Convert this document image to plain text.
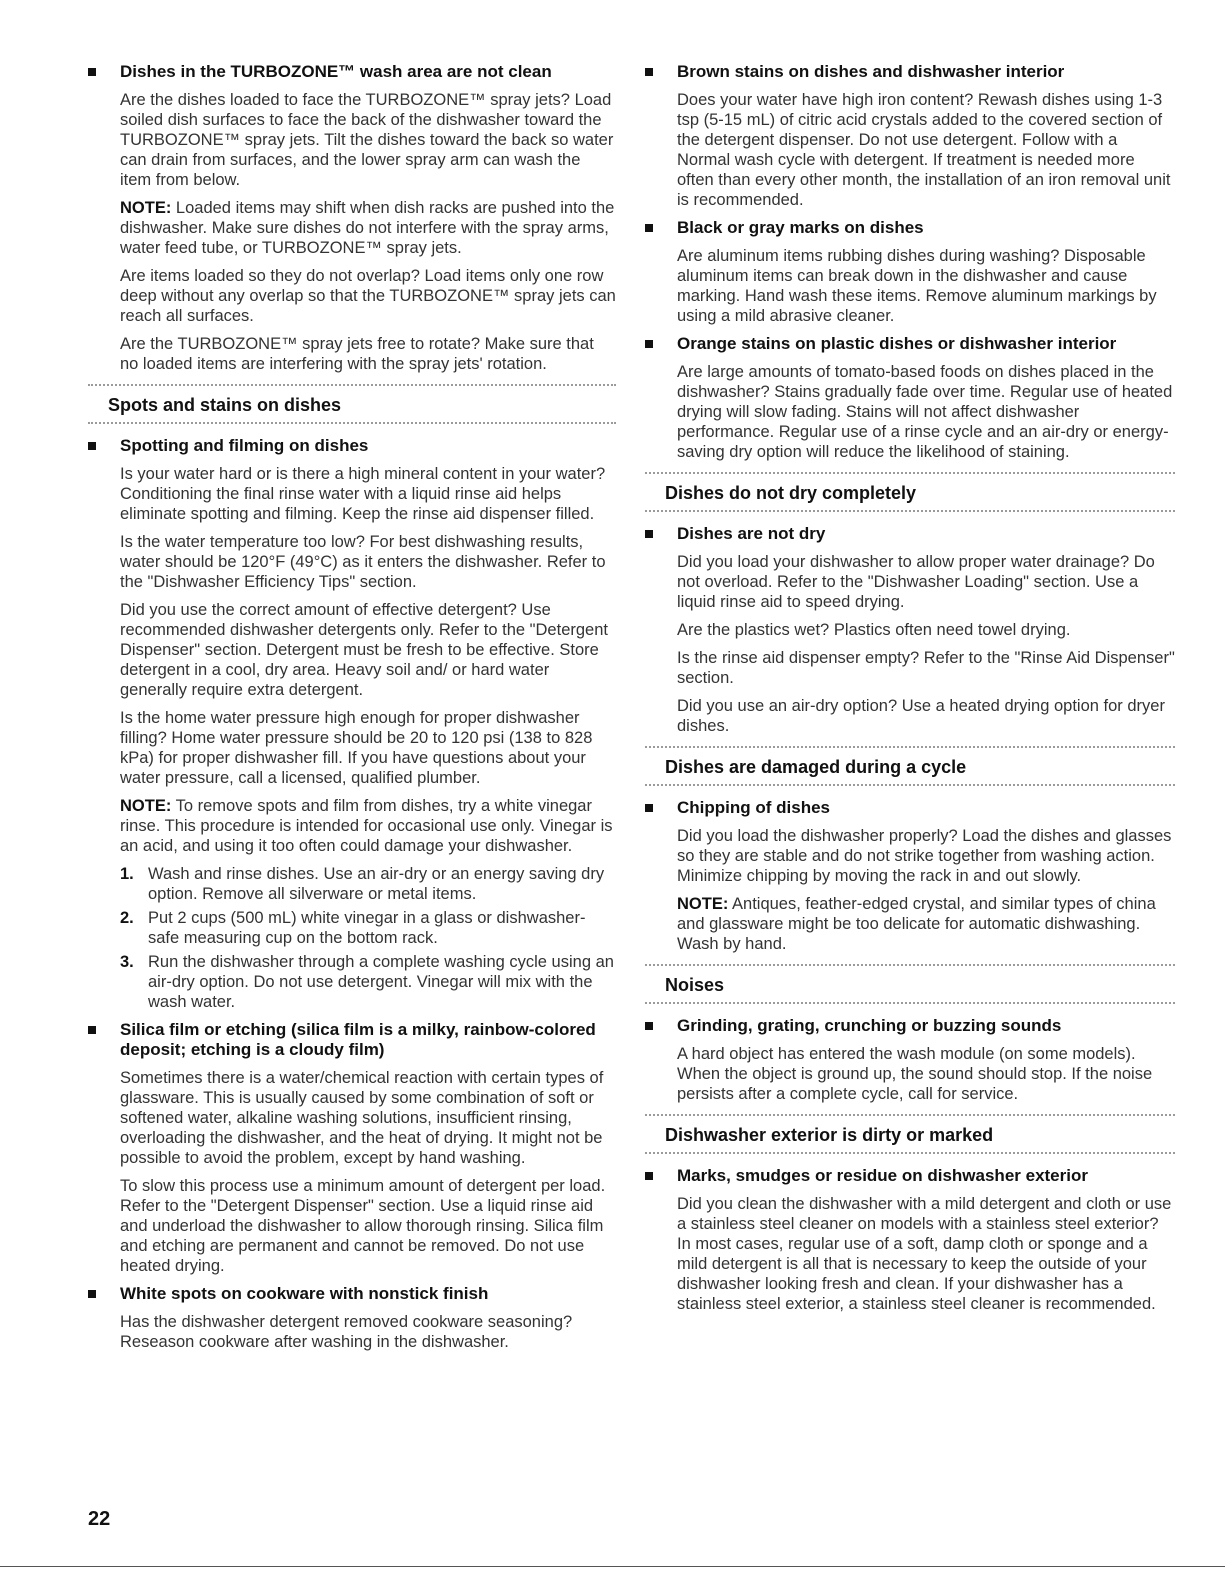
Dishes in the TURBOZONE™ wash area are not clean

Are the dishes loaded to face the TURBOZONE™ spray jets? Load soiled dish surfaces to face the back of the dishwasher toward the TURBOZONE™ spray jets. Tilt the dishes toward the back so water can drain from surfaces, and the lower spray arm can wash the item from below.

NOTE: Loaded items may shift when dish racks are pushed into the dishwasher. Make sure dishes do not interfere with the spray arms, water feed tube, or TURBOZONE™ spray jets.

Are items loaded so they do not overlap? Load items only one row deep without any overlap so that the TURBOZONE™ spray jets can reach all surfaces.

Are the TURBOZONE™ spray jets free to rotate? Make sure that no loaded items are interfering with the spray jets' rotation.

Spots and stains on dishes
Spotting and filming on dishes

Is your water hard or is there a high mineral content in your water? Conditioning the final rinse water with a liquid rinse aid helps eliminate spotting and filming. Keep the rinse aid dispenser filled.

Is the water temperature too low? For best dishwashing results, water should be 120°F (49°C) as it enters the dishwasher. Refer to the "Dishwasher Efficiency Tips" section.

Did you use the correct amount of effective detergent? Use recommended dishwasher detergents only. Refer to the "Detergent Dispenser" section. Detergent must be fresh to be effective. Store detergent in a cool, dry area. Heavy soil and/ or hard water generally require extra detergent.

Is the home water pressure high enough for proper dishwasher filling? Home water pressure should be 20 to 120 psi (138 to 828 kPa) for proper dishwasher fill. If you have questions about your water pressure, call a licensed, qualified plumber.

NOTE: To remove spots and film from dishes, try a white vinegar rinse. This procedure is intended for occasional use only. Vinegar is an acid, and using it too often could damage your dishwasher.

1. Wash and rinse dishes. Use an air-dry or an energy saving dry option. Remove all silverware or metal items.
2. Put 2 cups (500 mL) white vinegar in a glass or dishwasher-safe measuring cup on the bottom rack.
3. Run the dishwasher through a complete washing cycle using an air-dry option. Do not use detergent. Vinegar will mix with the wash water.
Silica film or etching (silica film is a milky, rainbow-colored deposit; etching is a cloudy film)

Sometimes there is a water/chemical reaction with certain types of glassware. This is usually caused by some combination of soft or softened water, alkaline washing solutions, insufficient rinsing, overloading the dishwasher, and the heat of drying. It might not be possible to avoid the problem, except by hand washing.

To slow this process use a minimum amount of detergent per load. Refer to the "Detergent Dispenser" section. Use a liquid rinse aid and underload the dishwasher to allow thorough rinsing. Silica film and etching are permanent and cannot be removed. Do not use heated drying.

White spots on cookware with nonstick finish

Has the dishwasher detergent removed cookware seasoning? Reseason cookware after washing in the dishwasher.

Brown stains on dishes and dishwasher interior

Does your water have high iron content? Rewash dishes using 1-3 tsp (5-15 mL) of citric acid crystals added to the covered section of the detergent dispenser. Do not use detergent. Follow with a Normal wash cycle with detergent. If treatment is needed more often than every other month, the installation of an iron removal unit is recommended.

Black or gray marks on dishes

Are aluminum items rubbing dishes during washing? Disposable aluminum items can break down in the dishwasher and cause marking. Hand wash these items. Remove aluminum markings by using a mild abrasive cleaner.

Orange stains on plastic dishes or dishwasher interior

Are large amounts of tomato-based foods on dishes placed in the dishwasher? Stains gradually fade over time. Regular use of heated drying will slow fading. Stains will not affect dishwasher performance. Regular use of a rinse cycle and an air-dry or energy-saving dry option will reduce the likelihood of staining.

Dishes do not dry completely
Dishes are not dry

Did you load your dishwasher to allow proper water drainage? Do not overload. Refer to the "Dishwasher Loading" section. Use a liquid rinse aid to speed drying.

Are the plastics wet? Plastics often need towel drying.

Is the rinse aid dispenser empty? Refer to the "Rinse Aid Dispenser" section.

Did you use an air-dry option? Use a heated drying option for dryer dishes.

Dishes are damaged during a cycle
Chipping of dishes

Did you load the dishwasher properly? Load the dishes and glasses so they are stable and do not strike together from washing action. Minimize chipping by moving the rack in and out slowly.

NOTE: Antiques, feather-edged crystal, and similar types of china and glassware might be too delicate for automatic dishwashing. Wash by hand.

Noises
Grinding, grating, crunching or buzzing sounds

A hard object has entered the wash module (on some models). When the object is ground up, the sound should stop. If the noise persists after a complete cycle, call for service.

Dishwasher exterior is dirty or marked
Marks, smudges or residue on dishwasher exterior

Did you clean the dishwasher with a mild detergent and cloth or use a stainless steel cleaner on models with a stainless steel exterior? In most cases, regular use of a soft, damp cloth or sponge and a mild detergent is all that is necessary to keep the outside of your dishwasher looking fresh and clean. If your dishwasher has a stainless steel exterior, a stainless steel cleaner is recommended.

22
